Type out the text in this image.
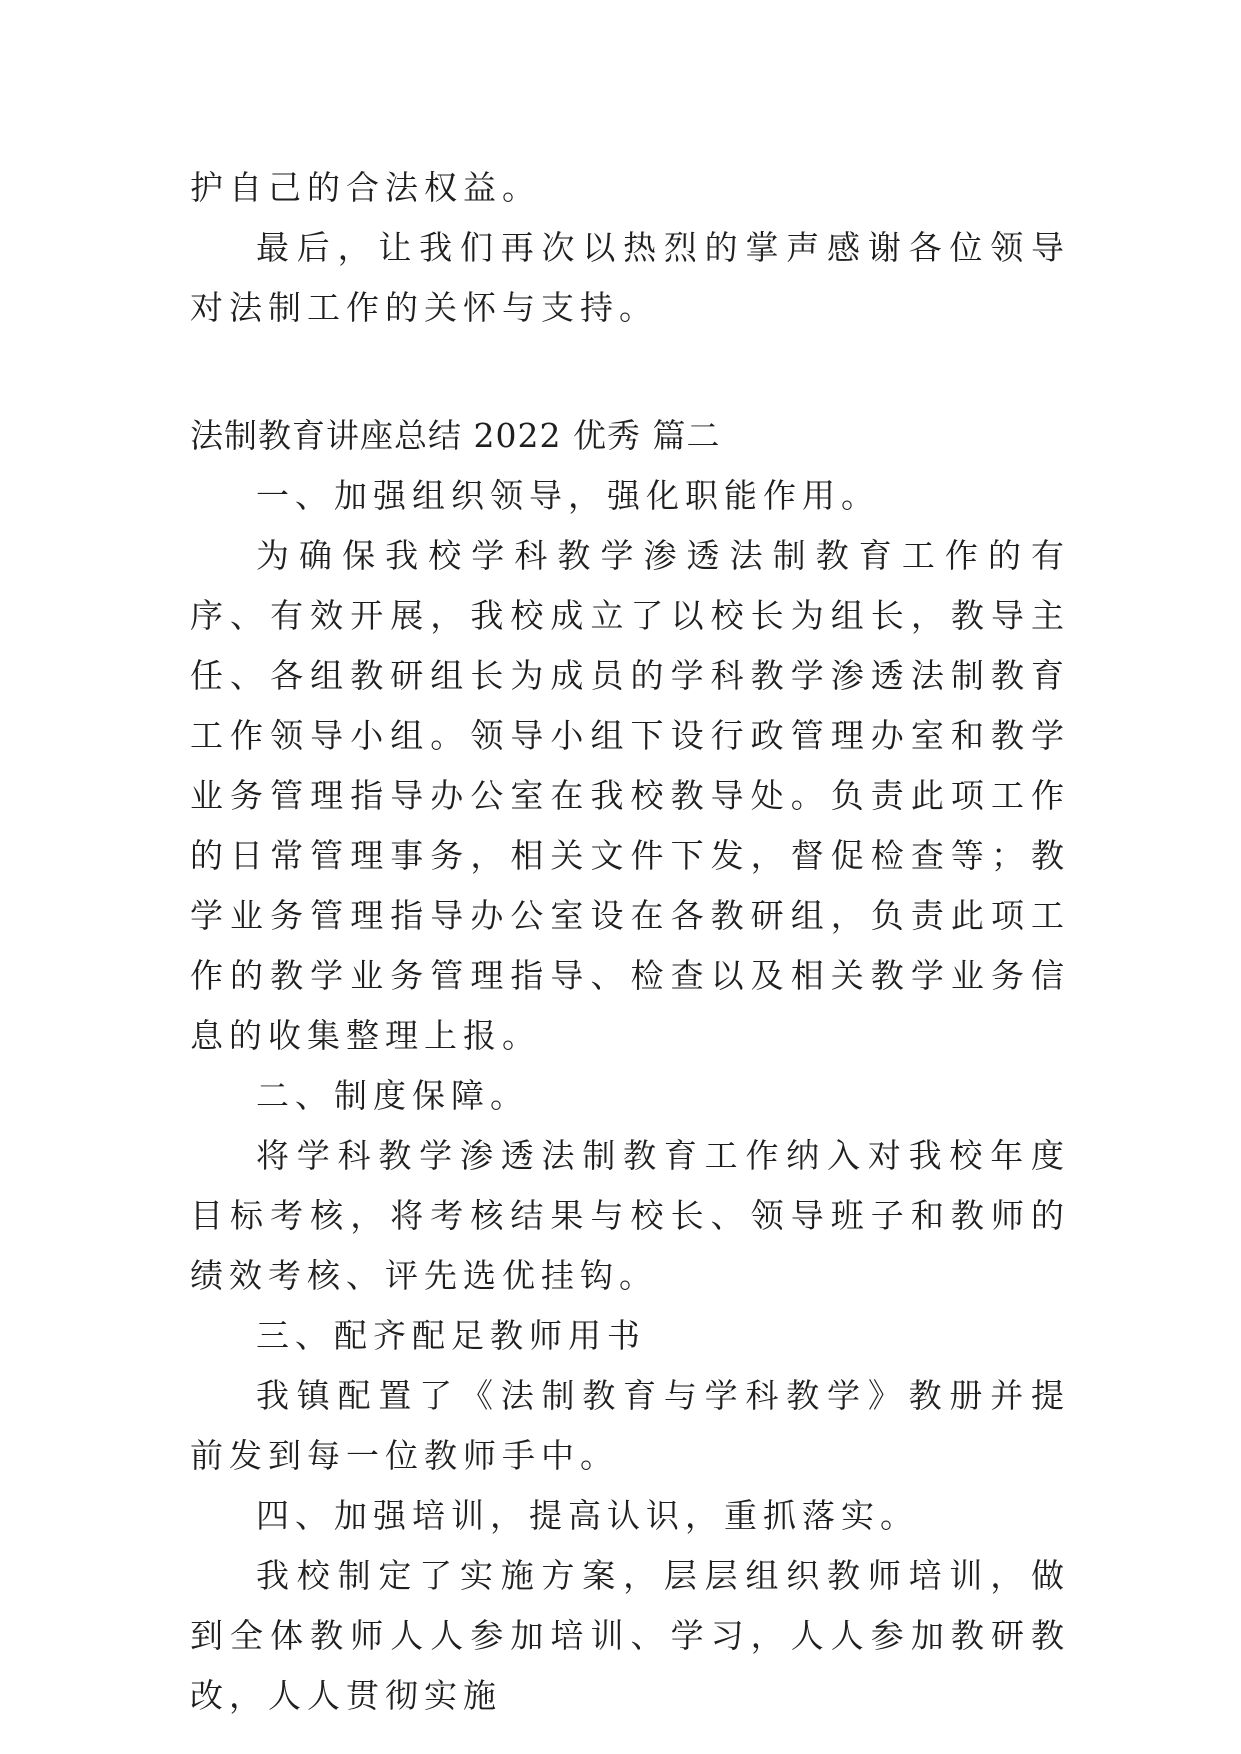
护自己的合法权益。

最后，让我们再次以热烈的掌声感谢各位领导对法制工作的关怀与支持。

法制教育讲座总结 2022 优秀 篇二

一、加强组织领导，强化职能作用。

为确保我校学科教学渗透法制教育工作的有序、有效开展，我校成立了以校长为组长，教导主任、各组教研组长为成员的学科教学渗透法制教育工作领导小组。领导小组下设行政管理办室和教学业务管理指导办公室在我校教导处。负责此项工作的日常管理事务，相关文件下发，督促检查等；教学业务管理指导办公室设在各教研组，负责此项工作的教学业务管理指导、检查以及相关教学业务信息的收集整理上报。

二、制度保障。

将学科教学渗透法制教育工作纳入对我校年度目标考核，将考核结果与校长、领导班子和教师的绩效考核、评先选优挂钩。

三、配齐配足教师用书

我镇配置了《法制教育与学科教学》教册并提前发到每一位教师手中。

四、加强培训，提高认识，重抓落实。

我校制定了实施方案，层层组织教师培训，做到全体教师人人参加培训、学习，人人参加教研教改，人人贯彻实施
